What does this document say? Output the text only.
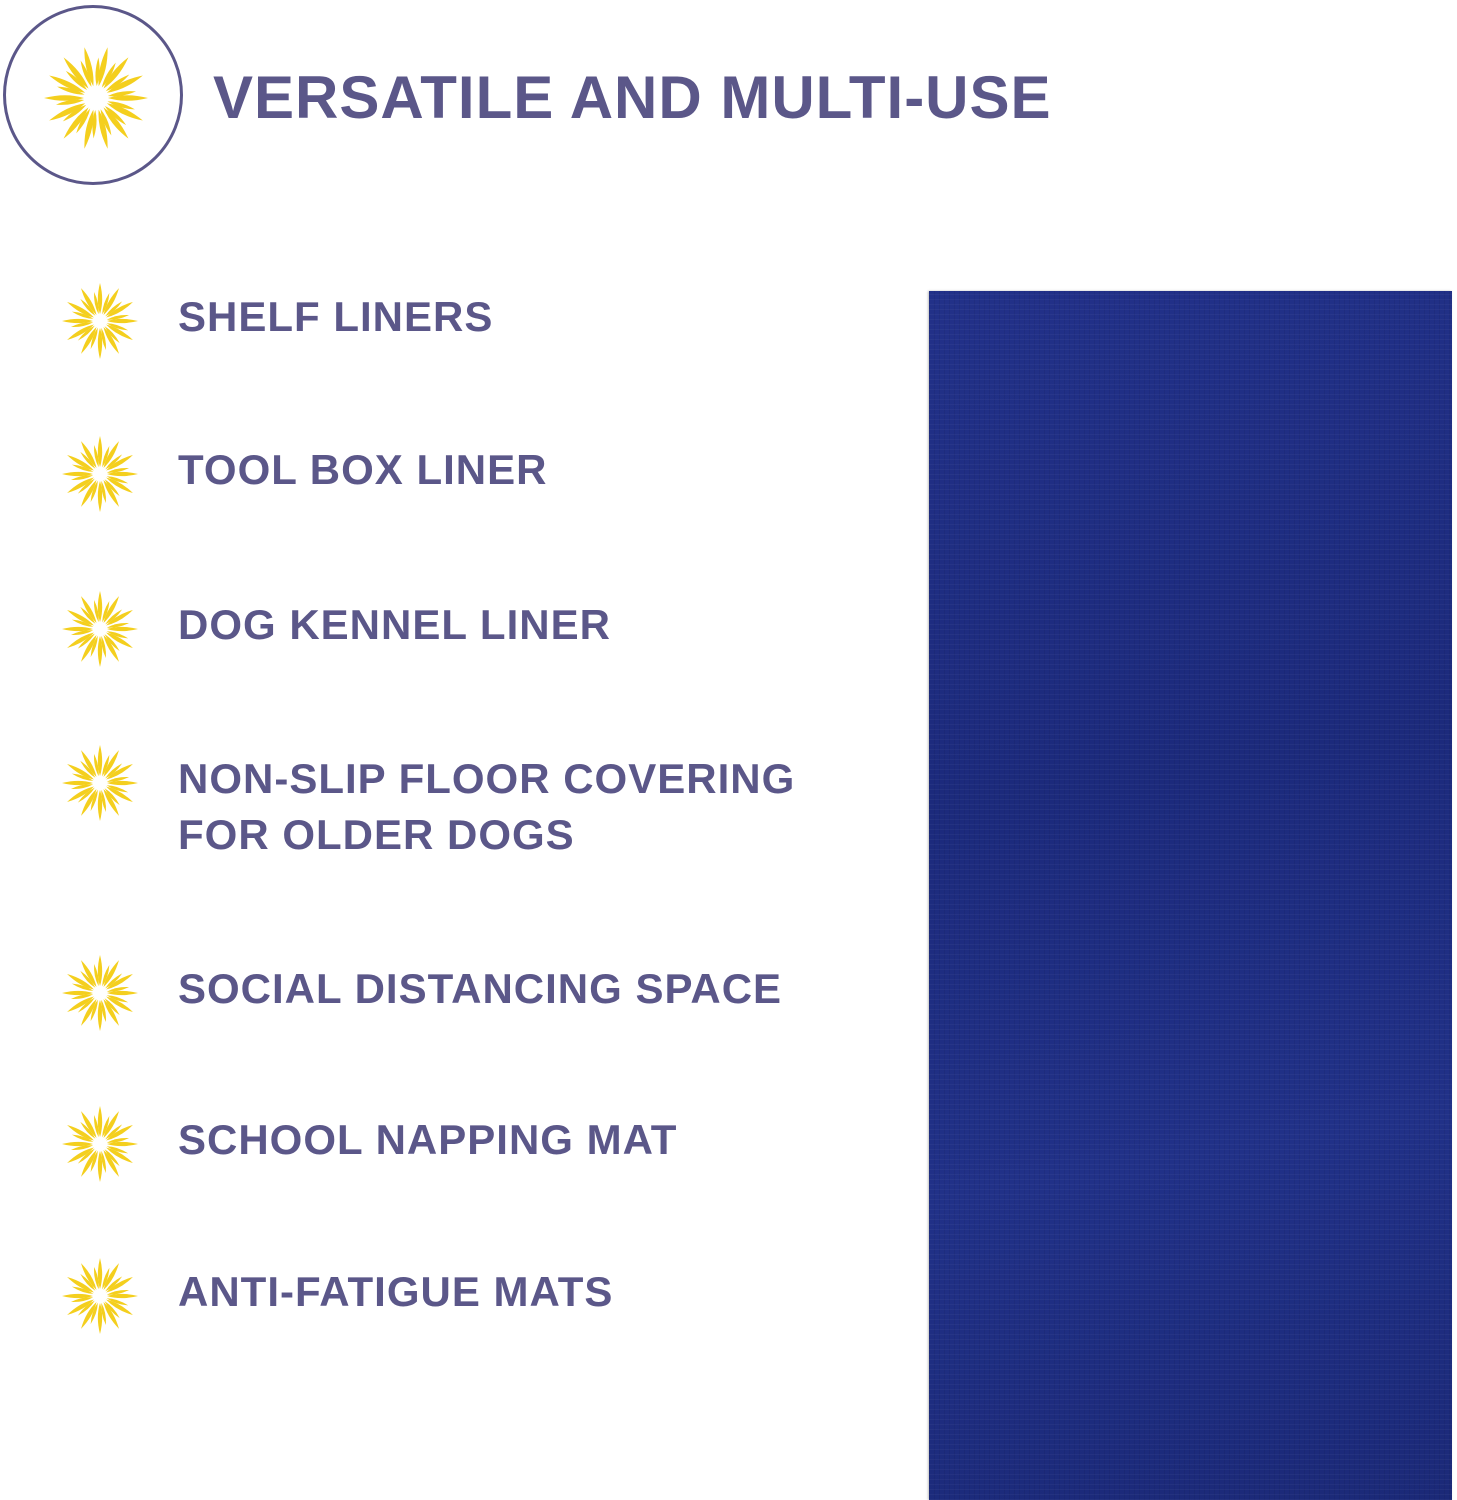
VERSATILE AND MULTI-USE
SHELF LINERS
TOOL BOX LINER
DOG KENNEL LINER
NON-SLIP FLOOR COVERING FOR OLDER DOGS
SOCIAL DISTANCING SPACE
SCHOOL NAPPING MAT
ANTI-FATIGUE MATS
